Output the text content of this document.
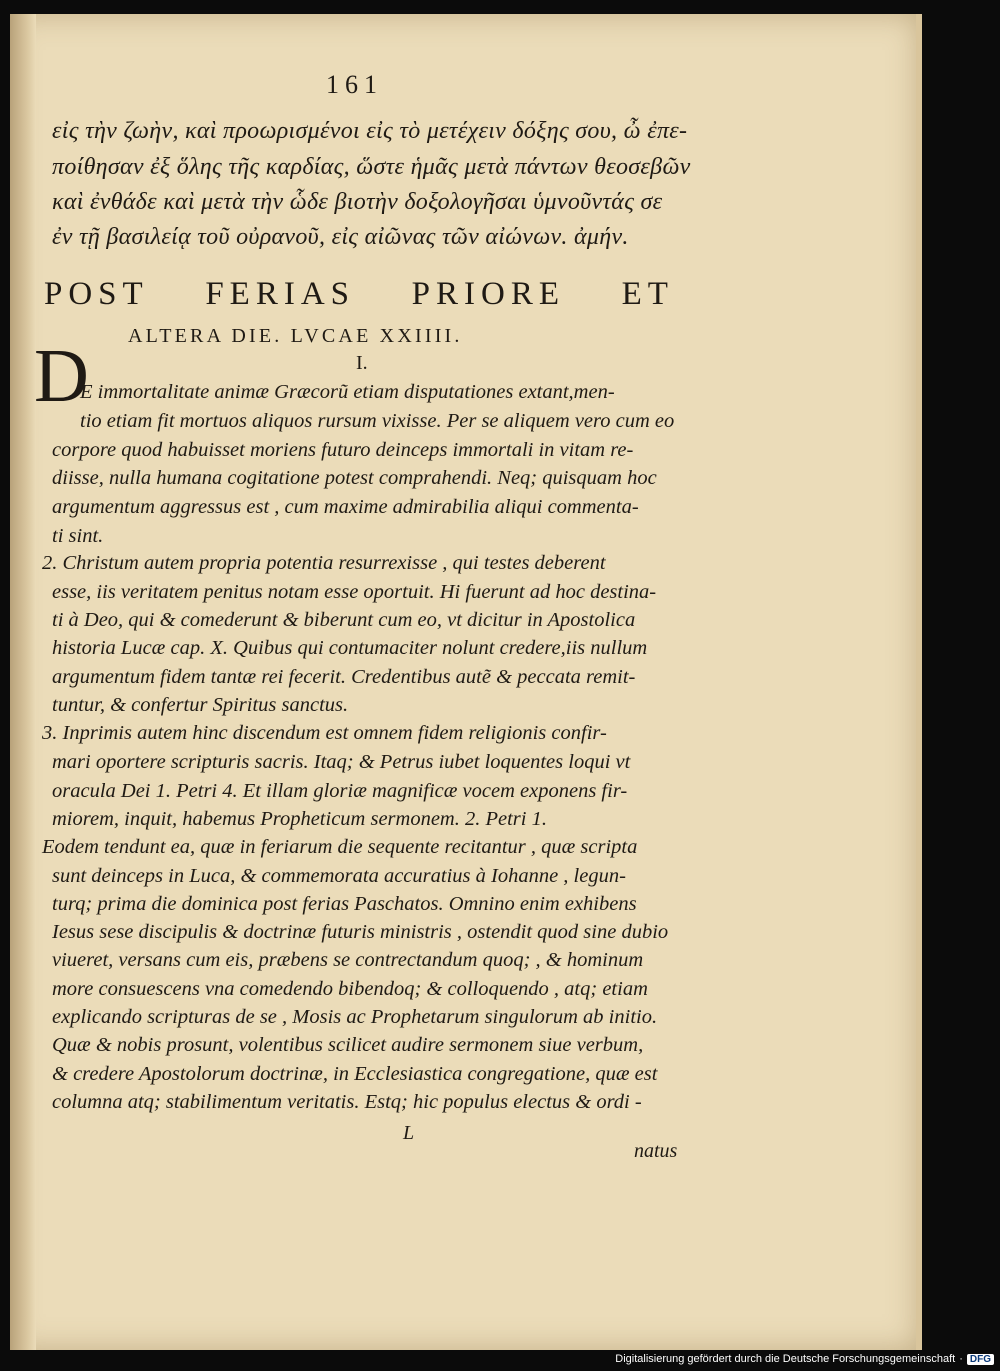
161
εἰς τὴν ζωὴν, καὶ προωρισμένοι εἰς τὸ μετέχειν δόξης σου, ὦ ἐπε-
ποίθησαν ἐξ ὅλης τῆς καρδίας, ὥστε ἡμᾶς μετὰ πάντων θεοσεβῶν
καὶ ἐνθάδε καὶ μετὰ τὴν ὧδε βιοτὴν δοξολογῆσαι ὑμνοῦντάς σε
ἐν τῇ βασιλείᾳ τοῦ οὐρανοῦ, εἰς αἰῶνας τῶν αἰώνων. ἀμήν.
POST FERIAS PRIORE ET
ALTERA DIE. LVCAE XXIIII.
I.
D
E immortalitate animæ Græcorũ etiam disputationes extant,men-
tio etiam fit mortuos aliquos rursum vixisse. Per se aliquem vero cum eo
corpore quod habuisset moriens futuro deinceps immortali in vitam re-
diisse, nulla humana cogitatione potest comprahendi. Neq; quisquam hoc
argumentum aggressus est , cum maxime admirabilia aliqui commenta-
ti sint.
2. Christum autem propria potentia resurrexisse , qui testes deberent
esse, iis veritatem penitus notam esse oportuit. Hi fuerunt ad hoc destina-
ti à Deo, qui & comederunt & biberunt cum eo, vt dicitur in Apostolica
historia Lucæ cap. X. Quibus qui contumaciter nolunt credere,iis nullum
argumentum fidem tantæ rei fecerit. Credentibus autẽ & peccata remit-
tuntur, & confertur Spiritus sanctus.
3. Inprimis autem hinc discendum est omnem fidem religionis confir-
mari oportere scripturis sacris. Itaq; & Petrus iubet loquentes loqui vt
oracula Dei 1. Petri 4. Et illam gloriæ magnificæ vocem exponens fir-
miorem, inquit, habemus Propheticum sermonem. 2. Petri 1.
Eodem tendunt ea, quæ in feriarum die sequente recitantur , quæ scripta
sunt deinceps in Luca, & commemorata accuratius à Iohanne , legun-
turq; prima die dominica post ferias Paschatos. Omnino enim exhibens
Iesus sese discipulis & doctrinæ futuris ministris , ostendit quod sine dubio
viueret, versans cum eis, præbens se contrectandum quoq; , & hominum
more consuescens vna comedendo bibendoq; & colloquendo , atq; etiam
explicando scripturas de se , Mosis ac Prophetarum singulorum ab initio.
Quæ & nobis prosunt, volentibus scilicet audire sermonem siue verbum,
& credere Apostolorum doctrinæ, in Ecclesiastica congregatione, quæ est
columna atq; stabilimentum veritatis. Estq; hic populus electus & ordi -
L
natus
Digitalisierung gefördert durch die Deutsche Forschungsgemeinschaft · DFG
